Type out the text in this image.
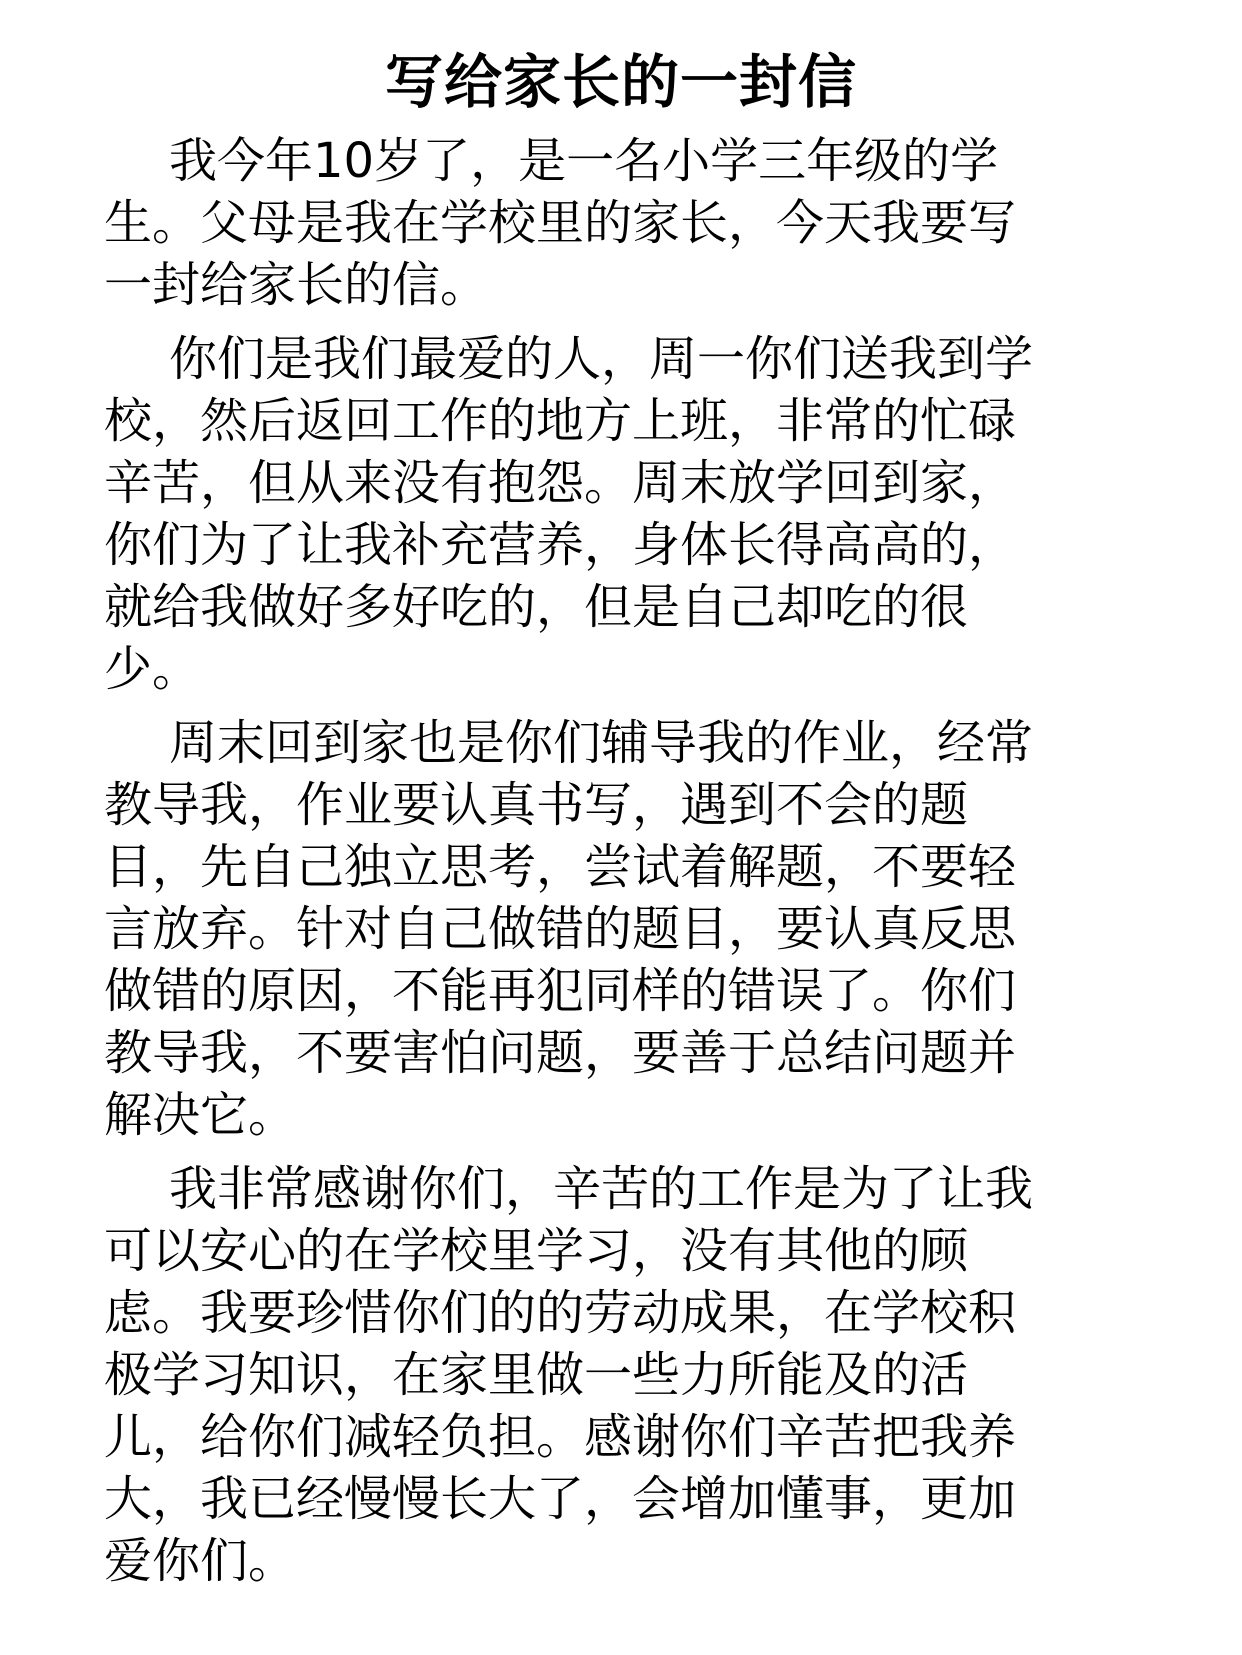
写给家长的一封信
我今年10岁了，是一名小学三年级的学
生。父母是我在学校里的家长，今天我要写
一封给家长的信。
你们是我们最爱的人，周一你们送我到学
校，然后返回工作的地方上班，非常的忙碌
辛苦，但从来没有抱怨。周末放学回到家，
你们为了让我补充营养，身体长得高高的，
就给我做好多好吃的，但是自己却吃的很
少。
周末回到家也是你们辅导我的作业，经常
教导我，作业要认真书写，遇到不会的题
目，先自己独立思考，尝试着解题，不要轻
言放弃。针对自己做错的题目，要认真反思
做错的原因，不能再犯同样的错误了。你们
教导我，不要害怕问题，要善于总结问题并
解决它。
我非常感谢你们，辛苦的工作是为了让我
可以安心的在学校里学习，没有其他的顾
虑。我要珍惜你们的的劳动成果，在学校积
极学习知识，在家里做一些力所能及的活
儿，给你们减轻负担。感谢你们辛苦把我养
大，我已经慢慢长大了，会增加懂事，更加
爱你们。
